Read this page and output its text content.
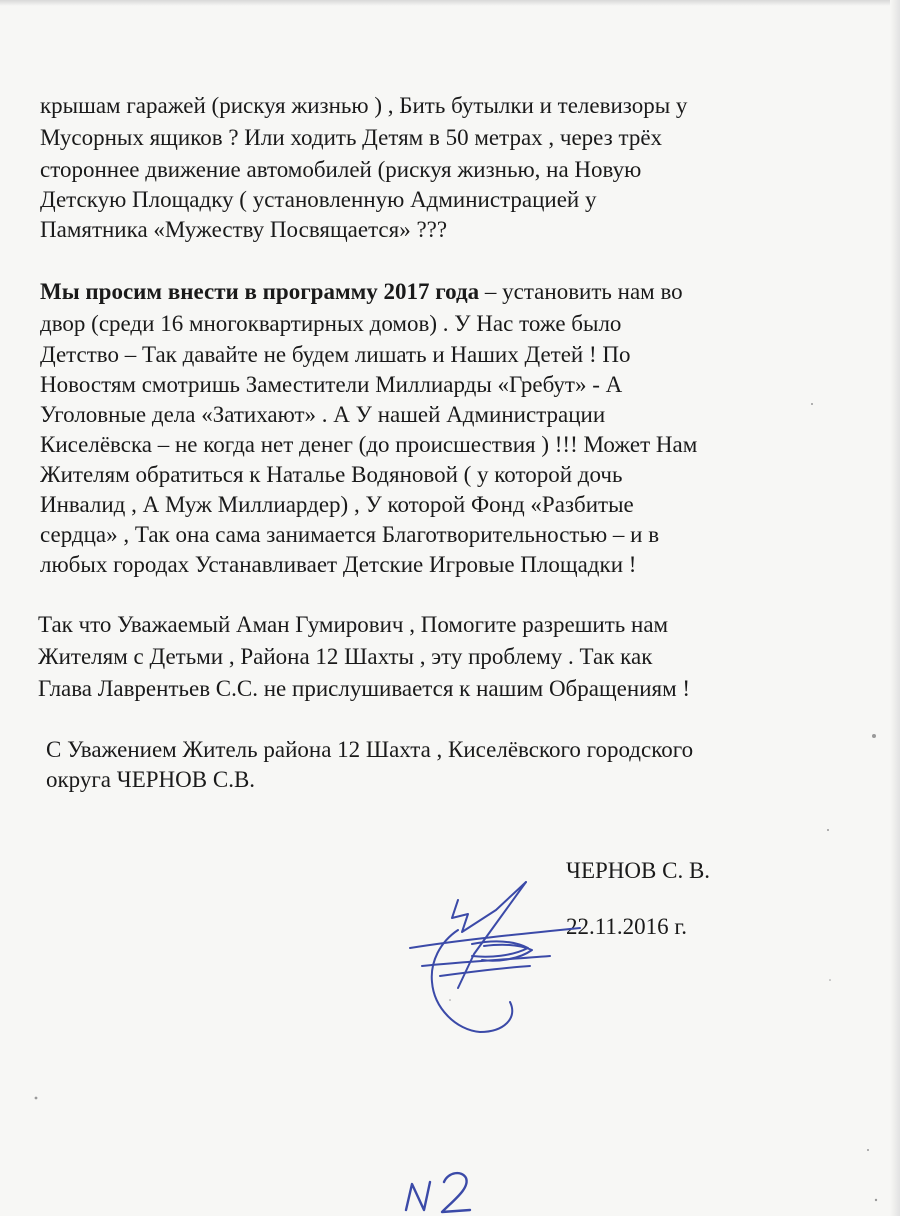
крышам гаражей (рискуя жизнью ) , Бить бутылки и телевизоры у

Мусорных ящиков ? Или ходить Детям в 50 метрах , через трёх

стороннее движение автомобилей (рискуя жизнью, на Новую

Детскую Площадку ( установленную Администрацией у

Памятника «Мужеству Посвящается» ???

Мы просим внести в программу 2017 года – установить нам во

двор (среди 16 многоквартирных домов) . У Нас тоже было

Детство – Так давайте не будем лишать и Наших Детей ! По

Новостям смотришь Заместители Миллиарды «Гребут» - А

Уголовные дела «Затихают» . А У нашей Администрации

Киселёвска – не когда нет денег (до происшествия ) !!! Может Нам

Жителям обратиться к Наталье Водяновой ( у которой дочь

Инвалид , А Муж Миллиардер) , У которой Фонд «Разбитые

сердца» , Так она сама занимается Благотворительностью – и в

любых городах Устанавливает Детские Игровые Площадки !

Так что Уважаемый Аман Гумирович , Помогите разрешить нам

Жителям с Детьми , Района 12 Шахты , эту проблему . Так как

Глава Лаврентьев С.С. не прислушивается к нашим Обращениям !

С Уважением Житель района 12 Шахта , Киселёвского городского

округа ЧЕРНОВ С.В.

ЧЕРНОВ С. В.

22.11.2016 г.
